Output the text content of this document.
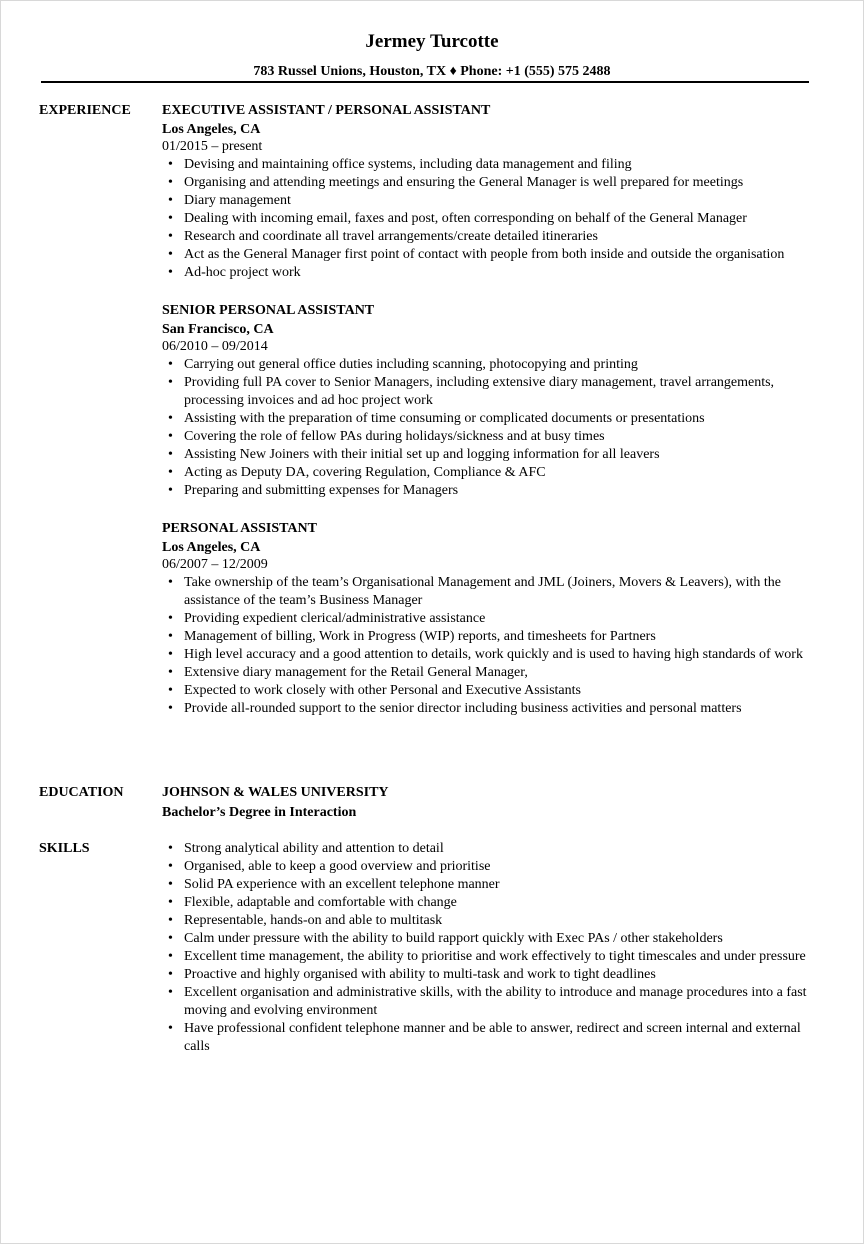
Jermey Turcotte
783 Russel Unions, Houston, TX ♦ Phone: +1 (555) 575 2488
EXPERIENCE EXECUTIVE ASSISTANT / PERSONAL ASSISTANT
Los Angeles, CA
01/2015 – present
• Devising and maintaining office systems, including data management and filing
• Organising and attending meetings and ensuring the General Manager is well prepared for meetings
• Diary management
• Dealing with incoming email, faxes and post, often corresponding on behalf of the General Manager
• Research and coordinate all travel arrangements/create detailed itineraries
• Act as the General Manager first point of contact with people from both inside and outside the organisation
• Ad-hoc project work
SENIOR PERSONAL ASSISTANT
San Francisco, CA
06/2010 – 09/2014
• Carrying out general office duties including scanning, photocopying and printing
• Providing full PA cover to Senior Managers, including extensive diary management, travel arrangements, processing invoices and ad hoc project work
• Assisting with the preparation of time consuming or complicated documents or presentations
• Covering the role of fellow PAs during holidays/sickness and at busy times
• Assisting New Joiners with their initial set up and logging information for all leavers
• Acting as Deputy DA, covering Regulation, Compliance & AFC
• Preparing and submitting expenses for Managers
PERSONAL ASSISTANT
Los Angeles, CA
06/2007 – 12/2009
• Take ownership of the team’s Organisational Management and JML (Joiners, Movers & Leavers), with the assistance of the team’s Business Manager
• Providing expedient clerical/administrative assistance
• Management of billing, Work in Progress (WIP) reports, and timesheets for Partners
• High level accuracy and a good attention to details, work quickly and is used to having high standards of work
• Extensive diary management for the Retail General Manager,
• Expected to work closely with other Personal and Executive Assistants
• Provide all-rounded support to the senior director including business activities and personal matters
EDUCATION	JOHNSON & WALES UNIVERSITY
Bachelor’s Degree in Interaction
SKILLS
•	Strong analytical ability and attention to detail
• Organised, able to keep a good overview and prioritise
• Solid PA experience with an excellent telephone manner
• Flexible, adaptable and comfortable with change
• Representable, hands-on and able to multitask
• Calm under pressure with the ability to build rapport quickly with Exec PAs / other stakeholders
• Excellent time management, the ability to prioritise and work effectively to tight timescales and under pressure
• Proactive and highly organised with ability to multi-task and work to tight deadlines
• Excellent organisation and administrative skills, with the ability to introduce and manage procedures into a fast moving and evolving environment
• Have professional confident telephone manner and be able to answer, redirect and screen internal and external calls
